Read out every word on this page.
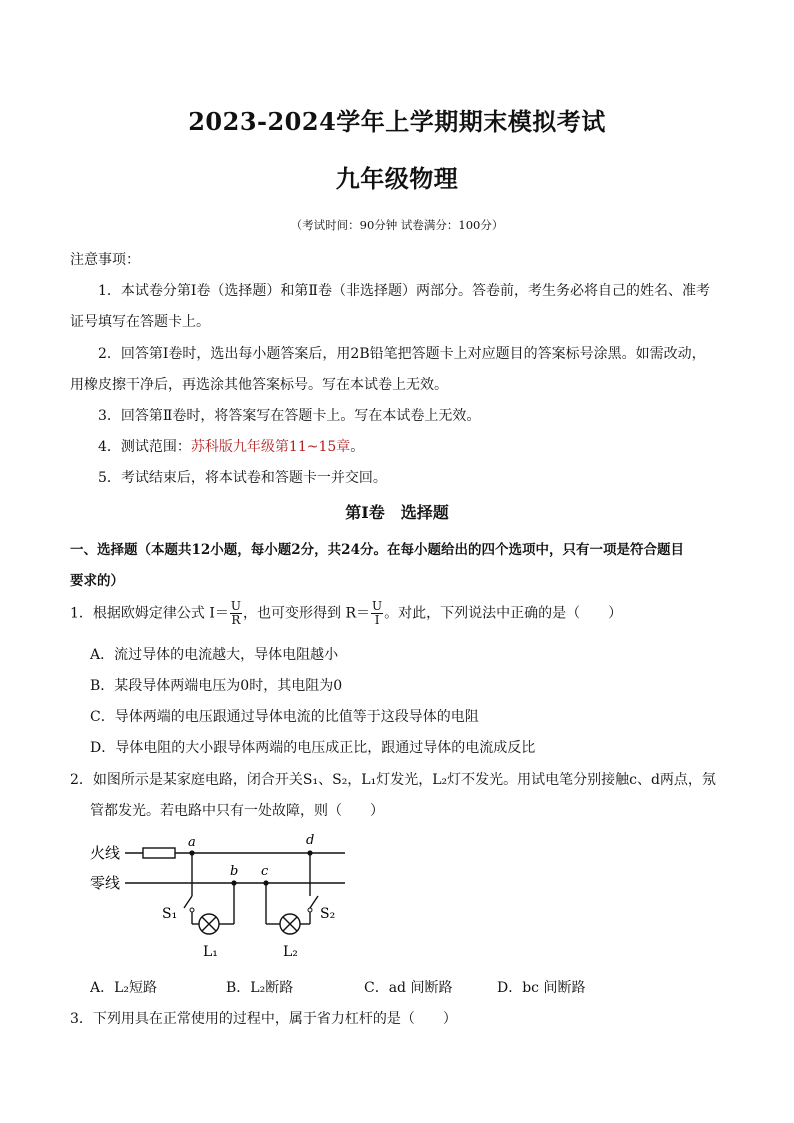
2023-2024学年上学期期末模拟考试
九年级物理
（考试时间：90分钟 试卷满分：100分）
注意事项：
1．本试卷分第Ⅰ卷（选择题）和第Ⅱ卷（非选择题）两部分。答卷前，考生务必将自己的姓名、准考
证号填写在答题卡上。
2．回答第Ⅰ卷时，选出每小题答案后，用2B铅笔把答题卡上对应题目的答案标号涂黑。如需改动，
用橡皮擦干净后，再选涂其他答案标号。写在本试卷上无效。
3．回答第Ⅱ卷时，将答案写在答题卡上。写在本试卷上无效。
4．测试范围：苏科版九年级第11~15章。
5．考试结束后，将本试卷和答题卡一并交回。
第Ⅰ卷　选择题
一、选择题（本题共12小题，每小题2分，共24分。在每小题给出的四个选项中，只有一项是符合题目
要求的）
1．根据欧姆定律公式 $I= \frac{U}{R}$ ，也可变形得到 $R= \frac{U}{I}$ 。对此，下列说法中正确的是（　　）
A．流过导体的电流越大，导体电阻越小
B．某段导体两端电压为0时，其电阻为0
C．导体两端的电压跟通过导体电流的比值等于这段导体的电阻
D．导体电阻的大小跟导体两端的电压成正比，跟通过导体的电流成反比
2．如图所示是某家庭电路，闭合开关S₁、S₂，L₁灯发光，L₂灯不发光。用试电笔分别接触c、d两点，氖
管都发光。若电路中只有一处故障，则（　　）
火线
零线
a
b c
d
S₁	S₂
L₁	L₂
A．L₂短路	B．L₂断路	C．ad 间断路	D．bc 间断路
3．下列用具在正常使用的过程中，属于省力杠杆的是（　　）
